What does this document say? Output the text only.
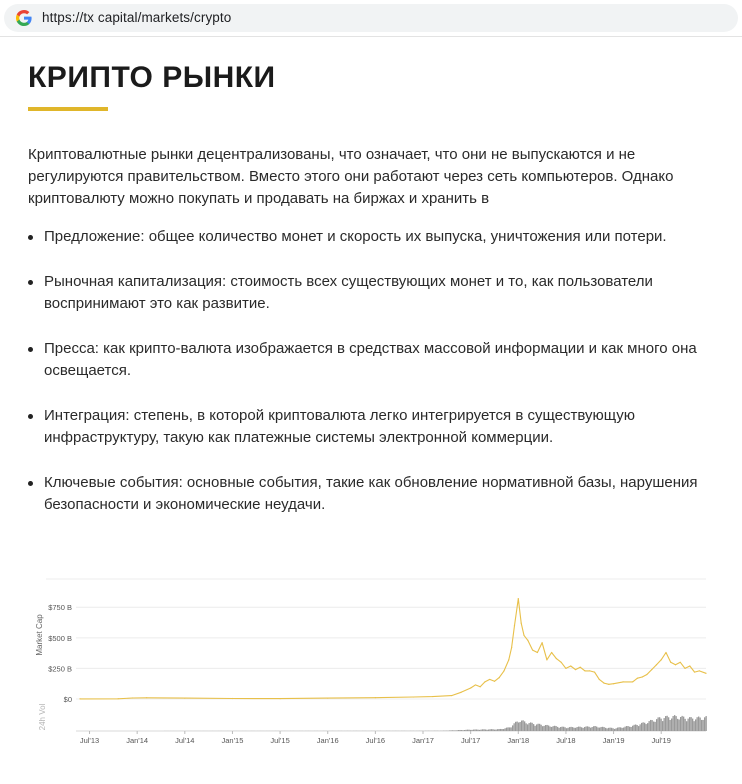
https://tx capital/markets/crypto
КРИПТО РЫНКИ

Криптовалютные рынки децентрализованы, что означает, что они не выпускаются и не регулируются правительством. Вместо этого они работают через сеть компьютеров. Однако криптовалюту можно покупать и продавать на биржах и хранить в

Предложение: общее количество монет и скорость их выпуска, уничтожения или потери.
Рыночная капитализация: стоимость всех существующих монет и то, как пользователи воспринимают это как развитие.
Пресса: как крипто-валюта изображается в средствах массовой информации и как много она освещается.
Интеграция: степень, в которой криптовалюта легко интегрируется в существующую инфраструктуру, такую как платежные системы электронной коммерции.
Ключевые события: основные события, такие как обновление нормативной базы, нарушения безопасности и экономические неудачи.
$750 B
$500 B
$250 B
$0
Jul'13	Jan'14	Jul'14	Jan'15	Jul'15	Jan'16	Jul'16	Jan'17	Jul'17	Jan'18	Jul'18	Jan'19	Jul'19
Market Cap
24h Vol
